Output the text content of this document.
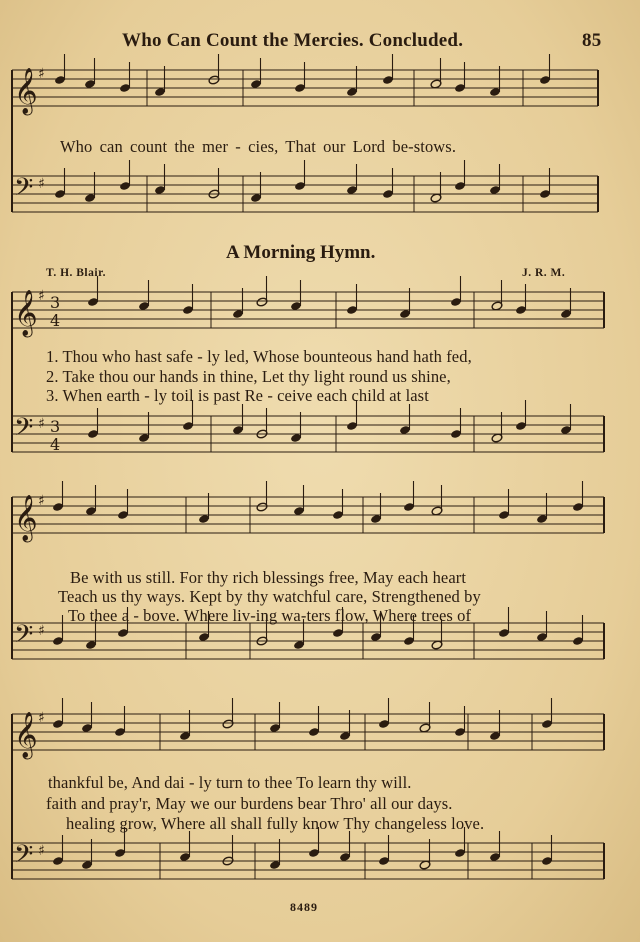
Who Can Count the Mercies. Concluded.	85
𝄞
𝄢
♯
♯
𝄞
𝄢
♯
♯
3
4
3
4
𝄞
𝄢
♯
♯
𝄞
𝄢
♯
♯
Who can count the mer - cies, That our Lord be-stows.
A Morning Hymn.
T. H. Blair.	J. R. M.
1. Thou who hast safe - ly led, Whose bounteous hand hath fed,
2. Take thou our hands in thine, Let thy light round us shine,
3. When earth - ly toil is past Re - ceive each child at last
Be with us still. For thy rich blessings free, May each heart
Teach us thy ways. Kept by thy watchful care, Strengthened by
To thee a - bove. Where liv-ing wa-ters flow, Where trees of
thankful be, And dai - ly turn to thee To learn thy will.
faith and pray'r, May we our burdens bear Thro' all our days.
healing grow, Where all shall fully know Thy changeless love.
8489
